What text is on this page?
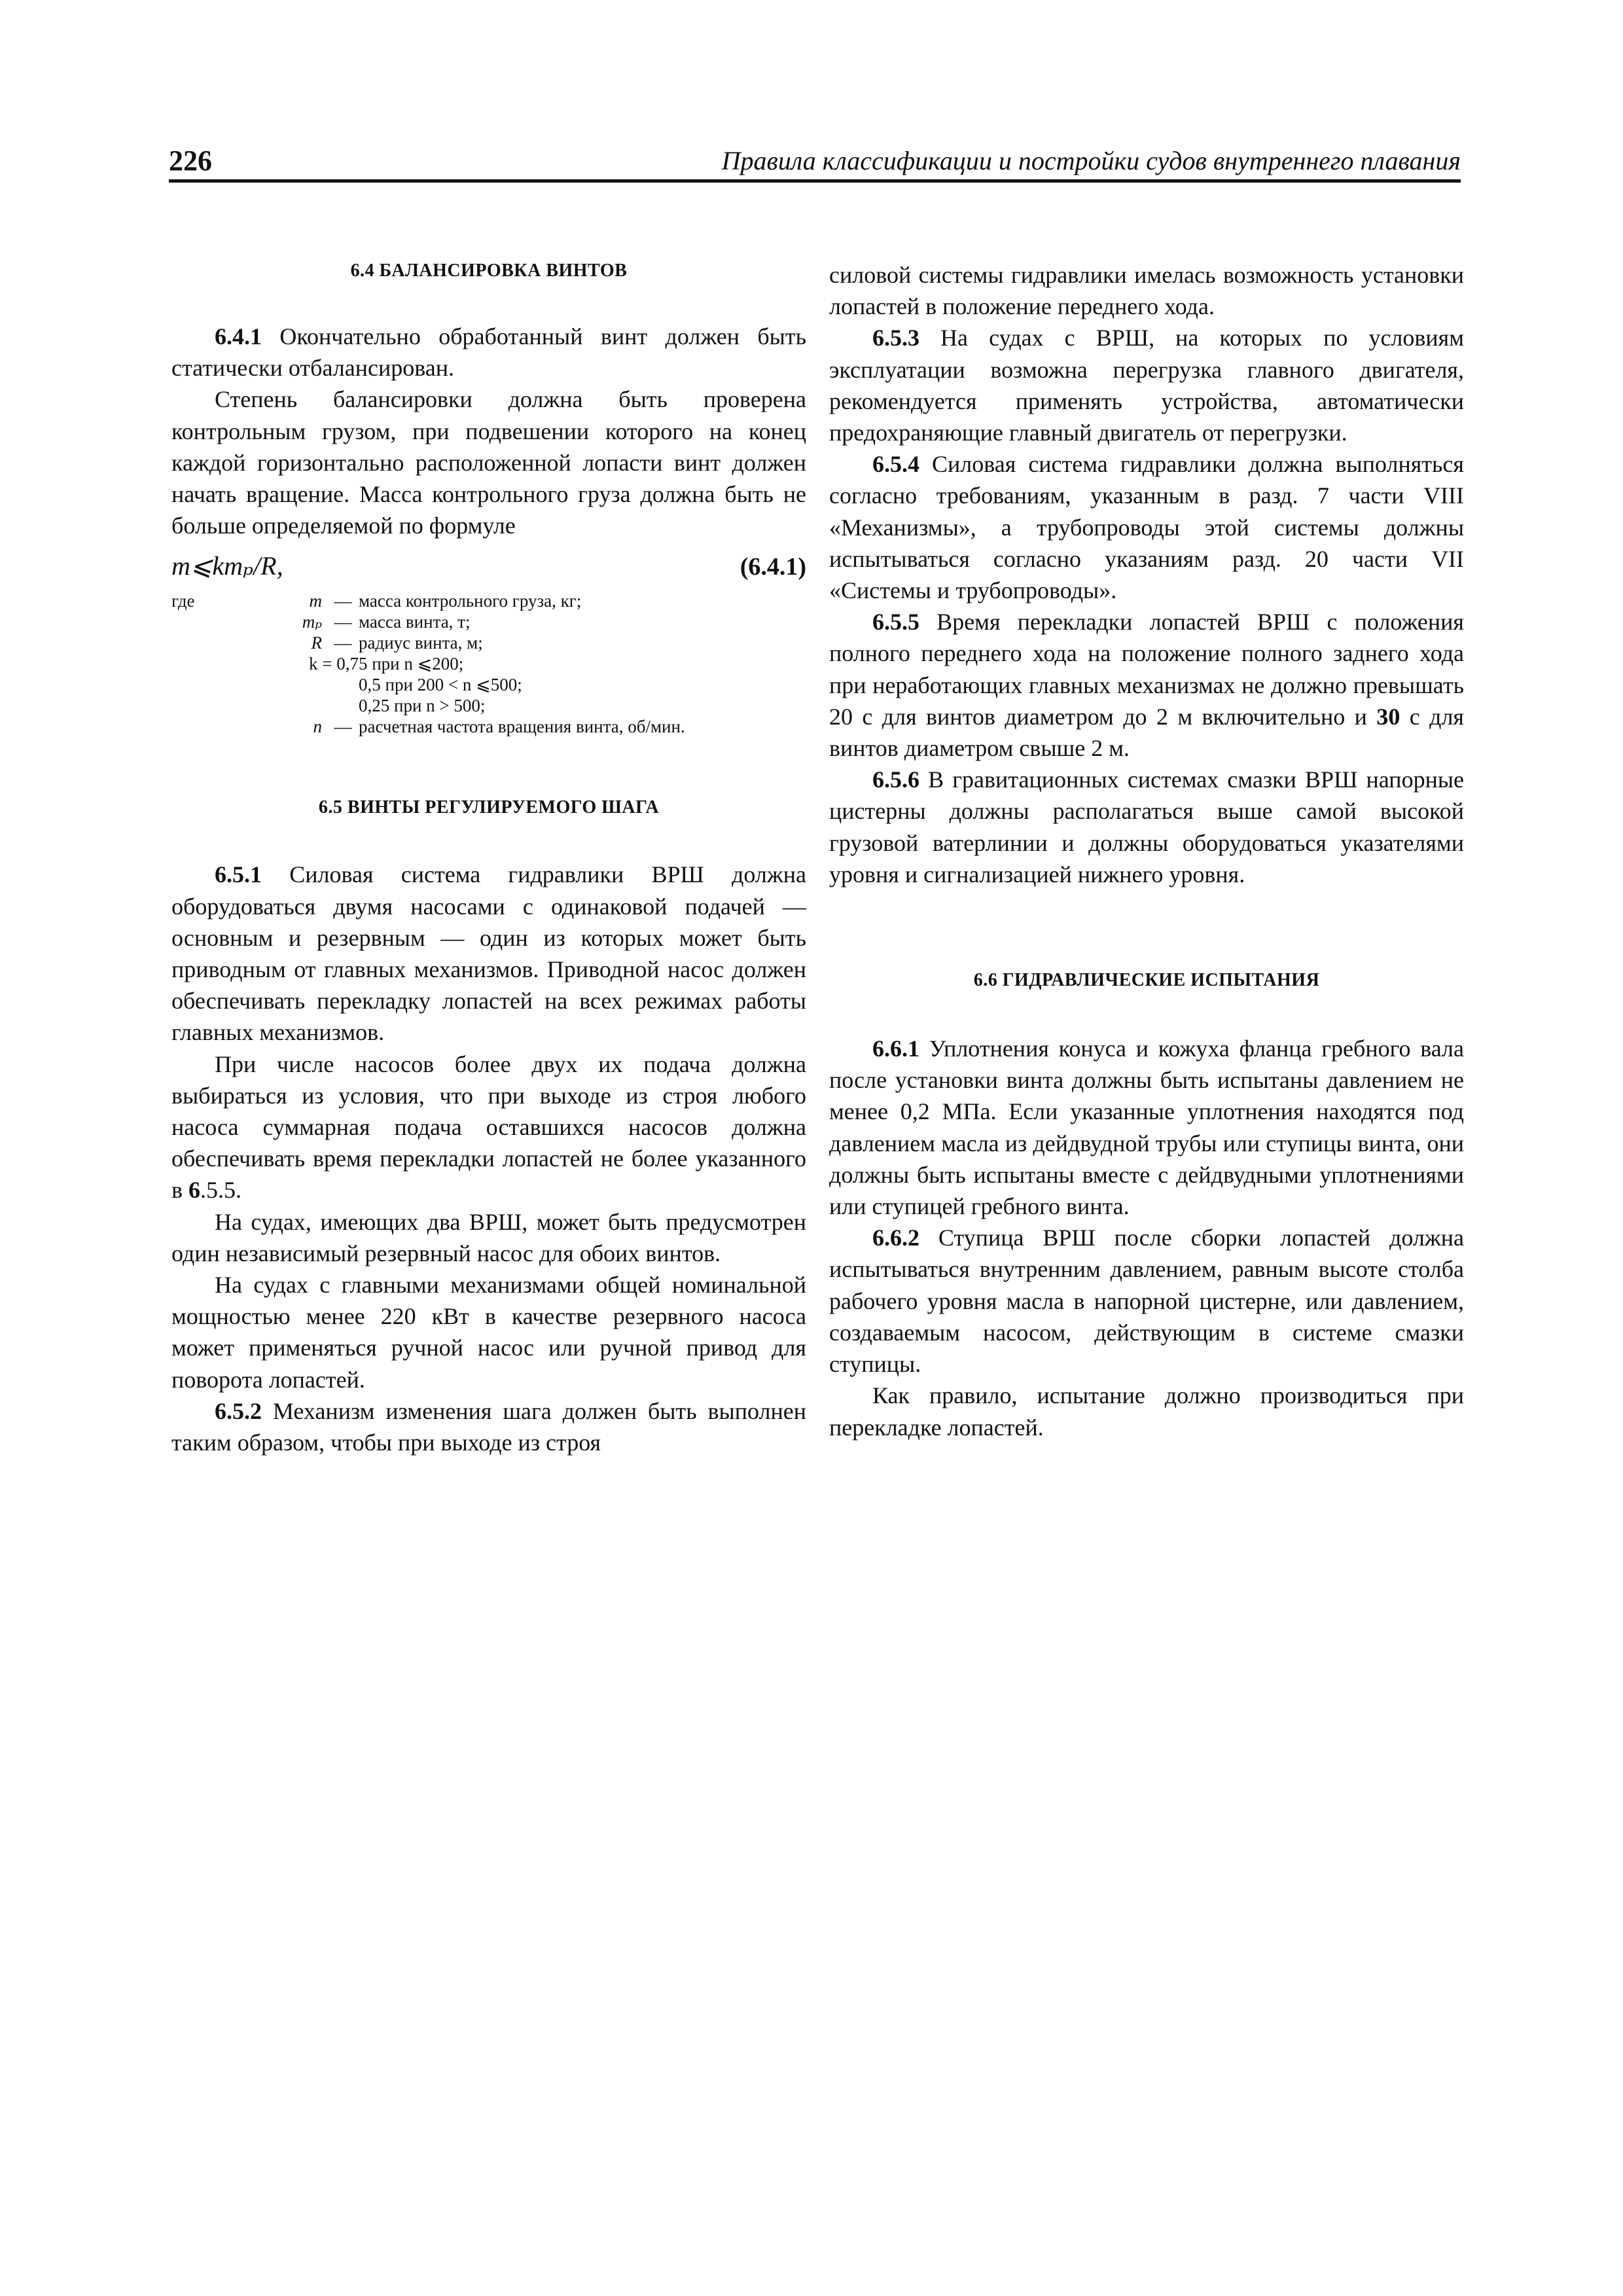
226	Правила классификации и постройки судов внутреннего плавания
6.4 БАЛАНСИРОВКА ВИНТОВ

6.4.1 Окончательно обработанный винт должен быть статически отбалансирован.

Степень балансировки должна быть проверена контрольным грузом, при подвешении которого на конец каждой горизонтально расположенной лопасти винт должен начать вращение. Масса контрольного груза должна быть не больше определяемой по формуле

m⩽kmₚ/R,	(6.4.1)
где	m — масса контрольного груза, кг;
mₚ — масса винта, т;
R — радиус винта, м;
k = 0,75 при n ⩽200;
0,5 при 200 < n ⩽500;
0,25 при n > 500;
n — расчетная частота вращения винта, об/мин.
6.5 ВИНТЫ РЕГУЛИРУЕМОГО ШАГА

6.5.1 Силовая система гидравлики ВРШ должна оборудоваться двумя насосами с одинаковой подачей — основным и резервным — один из которых может быть приводным от главных механизмов. Приводной насос должен обеспечивать перекладку лопастей на всех режимах работы главных механизмов.

При числе насосов более двух их подача должна выбираться из условия, что при выходе из строя любого насоса суммарная подача оставшихся насосов должна обеспечивать время перекладки лопастей не более указанного в 6.5.5.

На судах, имеющих два ВРШ, может быть предусмотрен один независимый резервный насос для обоих винтов.

На судах с главными механизмами общей номинальной мощностью менее 220 кВт в качестве резервного насоса может применяться ручной насос или ручной привод для поворота лопастей.

6.5.2 Механизм изменения шага должен быть выполнен таким образом, чтобы при выходе из строя

силовой системы гидравлики имелась возможность установки лопастей в положение переднего хода.

6.5.3 На судах с ВРШ, на которых по условиям эксплуатации возможна перегрузка главного двигателя, рекомендуется применять устройства, автоматически предохраняющие главный двигатель от перегрузки.

6.5.4 Силовая система гидравлики должна выполняться согласно требованиям, указанным в разд. 7 части VIII «Механизмы», а трубопроводы этой системы должны испытываться согласно указаниям разд. 20 части VII «Системы и трубопроводы».

6.5.5 Время перекладки лопастей ВРШ с положения полного переднего хода на положение полного заднего хода при неработающих главных механизмах не должно превышать 20 с для винтов диаметром до 2 м включительно и 30 с для винтов диаметром свыше 2 м.

6.5.6 В гравитационных системах смазки ВРШ напорные цистерны должны располагаться выше самой высокой грузовой ватерлинии и должны оборудоваться указателями уровня и сигнализацией нижнего уровня.

6.6 ГИДРАВЛИЧЕСКИЕ ИСПЫТАНИЯ

6.6.1 Уплотнения конуса и кожуха фланца гребного вала после установки винта должны быть испытаны давлением не менее 0,2 МПа. Если указанные уплотнения находятся под давлением масла из дейдвудной трубы или ступицы винта, они должны быть испытаны вместе с дейдвудными уплотнениями или ступицей гребного винта.

6.6.2 Ступица ВРШ после сборки лопастей должна испытываться внутренним давлением, равным высоте столба рабочего уровня масла в напорной цистерне, или давлением, создаваемым насосом, действующим в системе смазки ступицы.

Как правило, испытание должно производиться при перекладке лопастей.
